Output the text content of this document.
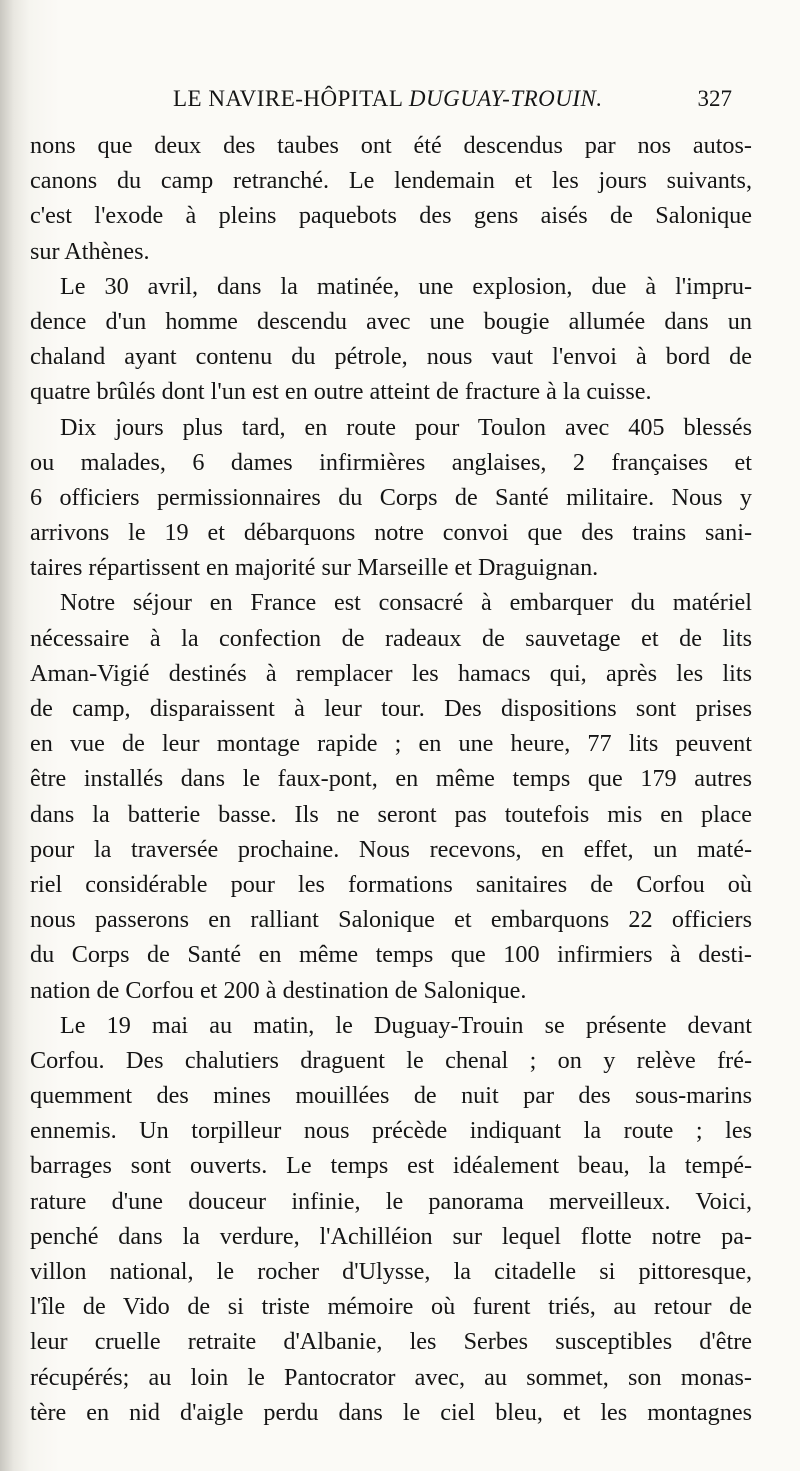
LE NAVIRE-HÔPITAL DUGUAY-TROUIN.	327
nons que deux des taubes ont été descendus par nos autos-
canons du camp retranché. Le lendemain et les jours suivants,
c'est l'exode à pleins paquebots des gens aisés de Salonique
sur Athènes.
Le 30 avril, dans la matinée, une explosion, due à l'impru-
dence d'un homme descendu avec une bougie allumée dans un
chaland ayant contenu du pétrole, nous vaut l'envoi à bord de
quatre brûlés dont l'un est en outre atteint de fracture à la cuisse.
Dix jours plus tard, en route pour Toulon avec 405 blessés
ou malades, 6 dames infirmières anglaises, 2 françaises et
6 officiers permissionnaires du Corps de Santé militaire. Nous y
arrivons le 19 et débarquons notre convoi que des trains sani-
taires répartissent en majorité sur Marseille et Draguignan.
Notre séjour en France est consacré à embarquer du matériel
nécessaire à la confection de radeaux de sauvetage et de lits
Aman-Vigié destinés à remplacer les hamacs qui, après les lits
de camp, disparaissent à leur tour. Des dispositions sont prises
en vue de leur montage rapide ; en une heure, 77 lits peuvent
être installés dans le faux-pont, en même temps que 179 autres
dans la batterie basse. Ils ne seront pas toutefois mis en place
pour la traversée prochaine. Nous recevons, en effet, un maté-
riel considérable pour les formations sanitaires de Corfou où
nous passerons en ralliant Salonique et embarquons 22 officiers
du Corps de Santé en même temps que 100 infirmiers à desti-
nation de Corfou et 200 à destination de Salonique.
Le 19 mai au matin, le Duguay-Trouin se présente devant
Corfou. Des chalutiers draguent le chenal ; on y relève fré-
quemment des mines mouillées de nuit par des sous-marins
ennemis. Un torpilleur nous précède indiquant la route ; les
barrages sont ouverts. Le temps est idéalement beau, la tempé-
rature d'une douceur infinie, le panorama merveilleux. Voici,
penché dans la verdure, l'Achilléion sur lequel flotte notre pa-
villon national, le rocher d'Ulysse, la citadelle si pittoresque,
l'île de Vido de si triste mémoire où furent triés, au retour de
leur cruelle retraite d'Albanie, les Serbes susceptibles d'être
récupérés; au loin le Pantocrator avec, au sommet, son monas-
tère en nid d'aigle perdu dans le ciel bleu, et les montagnes
